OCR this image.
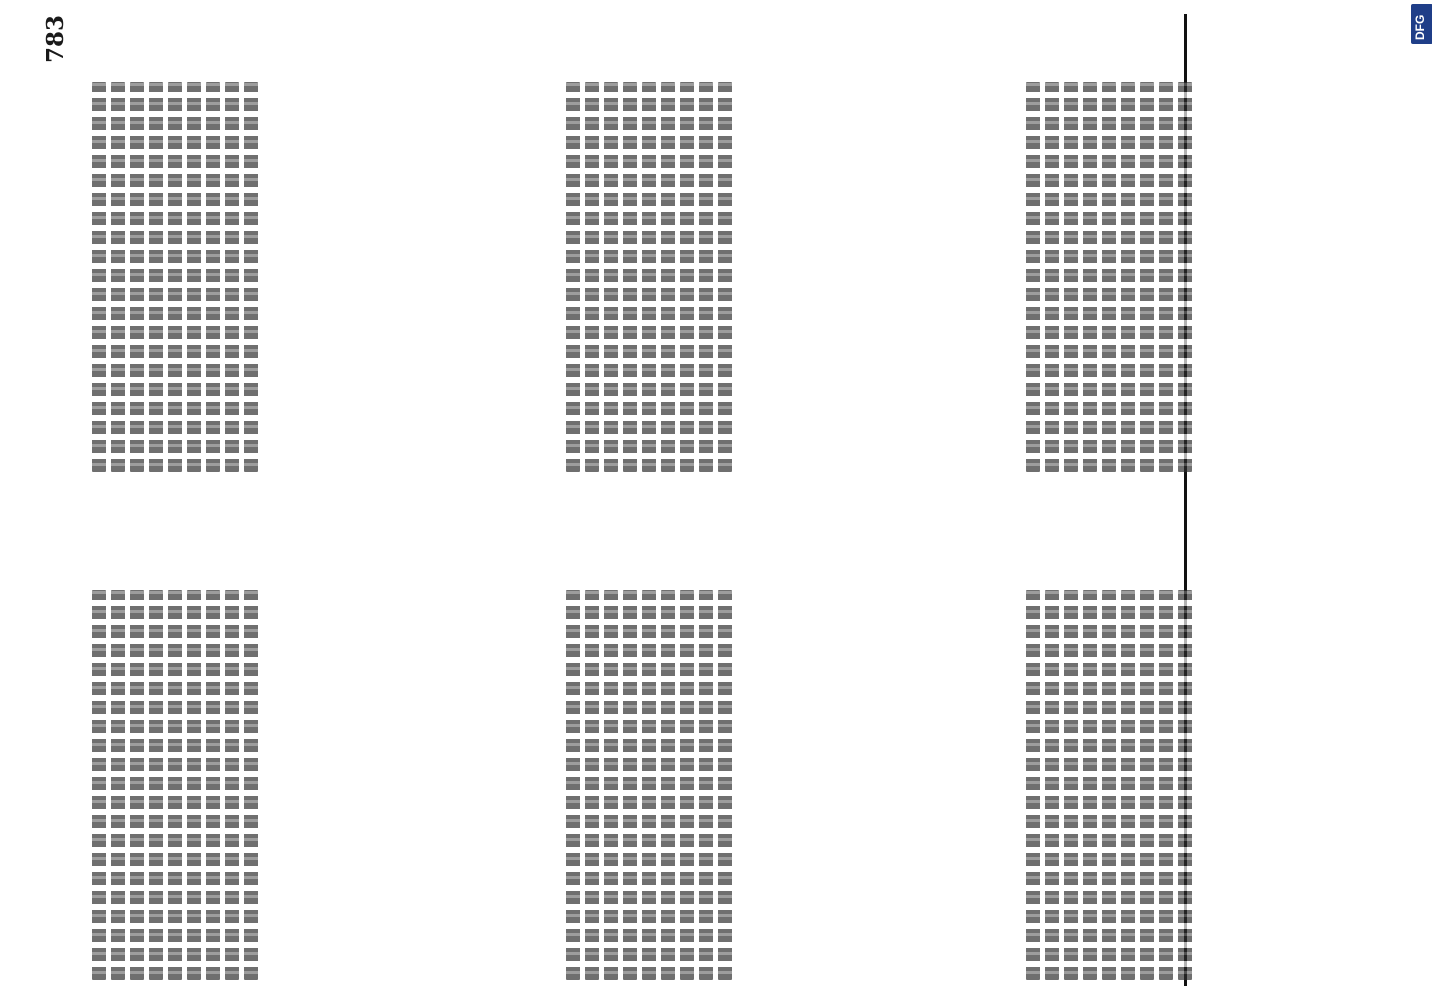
783	DFG
